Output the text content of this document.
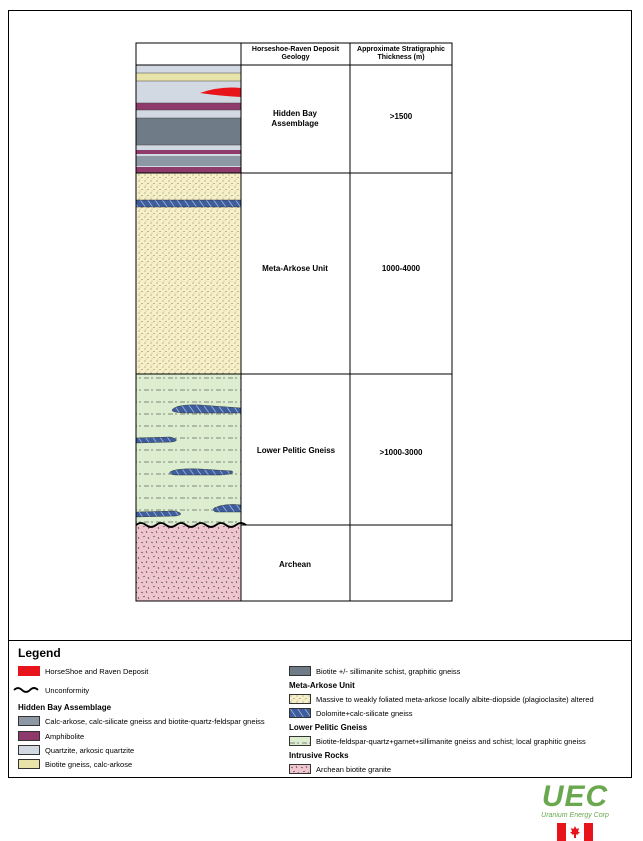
Horseshoe-Raven Deposit Geology
Approximate Stratigraphic Thickness (m)
Hidden Bay Assemblage
Meta-Arkose Unit
Lower Pelitic Gneiss
Archean
>1500
1000-4000
>1000-3000
Legend
HorseShoe and Raven Deposit
Unconformity
Hidden Bay Assemblage
Calc-arkose, calc-silicate gneiss and biotite-quartz-feldspar gneiss
Amphibolite
Quartzite, arkosic quartzite
Biotite gneiss, calc-arkose
Biotite +/- sillimanite schist, graphitic gneiss
Meta-Arkose Unit
Massive to weakly foliated meta-arkose locally albite-diopside (plagioclasite) altered
Dolomite+calc-silicate gneiss
Lower Pelitic Gneiss
Biotite-feldspar-quartz+garnet+sillimanite gneiss and schist; local graphitic gneiss
Intrusive Rocks
Archean biotite granite
UEC
Uranium Energy Corp
